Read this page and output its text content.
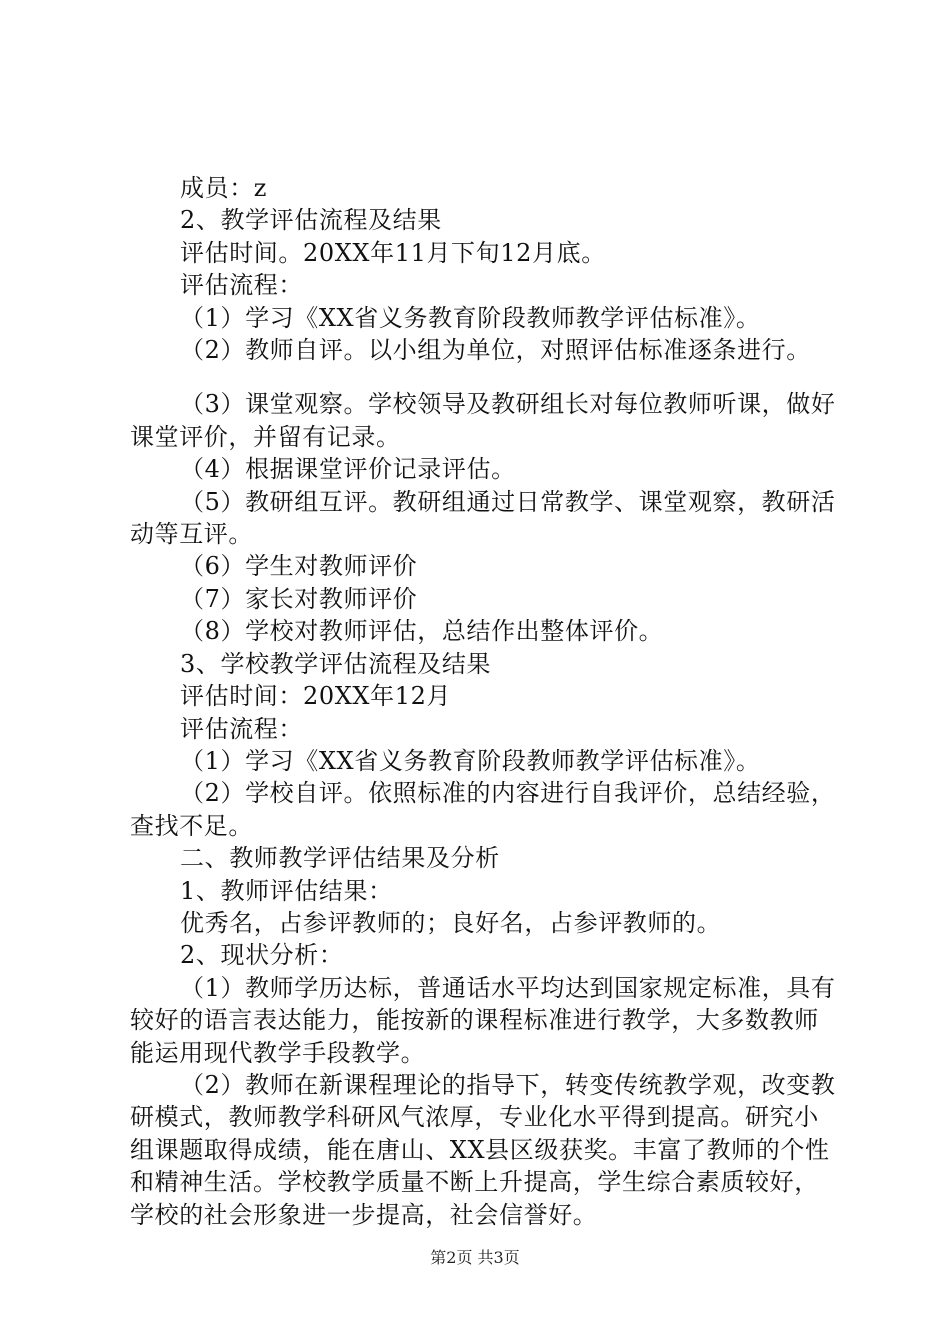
成员：z

2、教学评估流程及结果

评估时间。20XX年11月下旬12月底。

评估流程：

（1）学习《XX省义务教育阶段教师教学评估标准》。

（2）教师自评。以小组为单位，对照评估标准逐条进行。

（3）课堂观察。学校领导及教研组长对每位教师听课，做好课堂评价，并留有记录。

（4）根据课堂评价记录评估。

（5）教研组互评。教研组通过日常教学、课堂观察，教研活动等互评。

（6）学生对教师评价

（7）家长对教师评价

（8）学校对教师评估，总结作出整体评价。

3、学校教学评估流程及结果

评估时间：20XX年12月

评估流程：

（1）学习《XX省义务教育阶段教师教学评估标准》。

（2）学校自评。依照标准的内容进行自我评价，总结经验，查找不足。

二、教师教学评估结果及分析

1、教师评估结果：

优秀名，占参评教师的；良好名，占参评教师的。

2、现状分析：

（1）教师学历达标，普通话水平均达到国家规定标准，具有较好的语言表达能力，能按新的课程标准进行教学，大多数教师能运用现代教学手段教学。

（2）教师在新课程理论的指导下，转变传统教学观，改变教研模式，教师教学科研风气浓厚，专业化水平得到提高。研究小组课题取得成绩，能在唐山、XX县区级获奖。丰富了教师的个性和精神生活。学校教学质量不断上升提高，学生综合素质较好，学校的社会形象进一步提高，社会信誉好。

第2页 共3页
